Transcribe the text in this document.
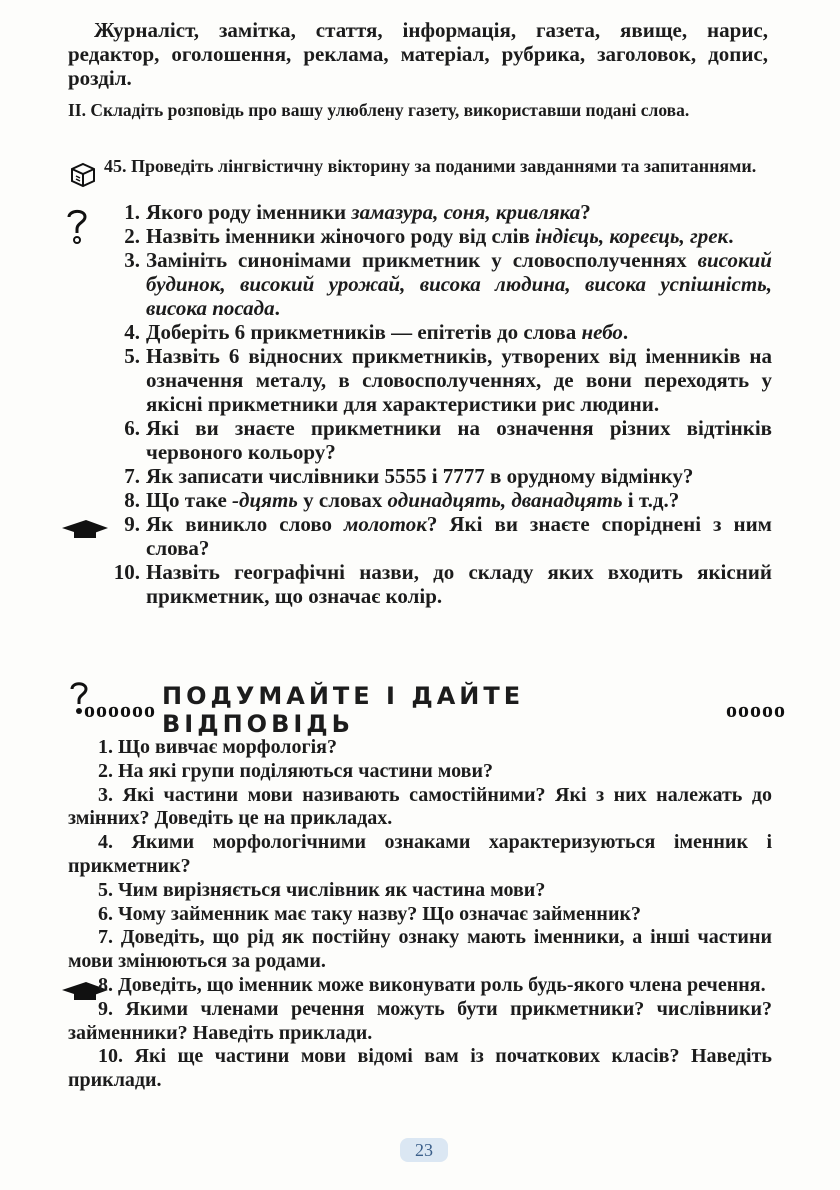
Журналіст, замітка, стаття, інформація, газета, явище, нарис, редактор, оголошення, реклама, матеріал, рубрика, заголовок, допис, розділ.

II. Складіть розповідь про вашу улюблену газету, використавши подані слова.

45. Проведіть лінгвістичну вікторину за поданими завданнями та запитаннями.

1. Якого роду іменники замазура, соня, кривляка?
2. Назвіть іменники жіночого роду від слів індієць, кореєць, грек.
3. Замініть синонімами прикметник у словосполученнях високий будинок, високий урожай, висока людина, висока успішність, висока посада.
4. Доберіть 6 прикметників — епітетів до слова небо.
5. Назвіть 6 відносних прикметників, утворених від іменників на означення металу, в словосполученнях, де вони переходять у якісні прикметники для характеристики рис людини.
6. Які ви знаєте прикметники на означення різних відтінків червоного кольору?
7. Як записати числівники 5555 і 7777 в орудному відмінку?
8. Що таке -дцять у словах одинадцять, дванадцять і т.д.?
9. Як виникло слово молоток? Які ви знаєте споріднені з ним слова?
10. Назвіть географічні назви, до складу яких входить якісний прикметник, що означає колір.
oooooo ПОДУМАЙТЕ І ДАЙТЕ ВІДПОВІДЬ
ooooo

1. Що вивчає морфологія?

2. На які групи поділяються частини мови?

3. Які частини мови називають самостійними? Які з них належать до змінних? Доведіть це на прикладах.

4. Якими морфологічними ознаками характеризуються іменник і прикметник?

5. Чим вирізняється числівник як частина мови?

6. Чому займенник має таку назву? Що означає займенник?

7. Доведіть, що рід як постійну ознаку мають іменники, а інші частини мови змінюються за родами.

8. Доведіть, що іменник може виконувати роль будь-якого члена речення.

9. Якими членами речення можуть бути прикметники? числівники? займенники? Наведіть приклади.

10. Які ще частини мови відомі вам із початкових класів? Наведіть приклади.

23
